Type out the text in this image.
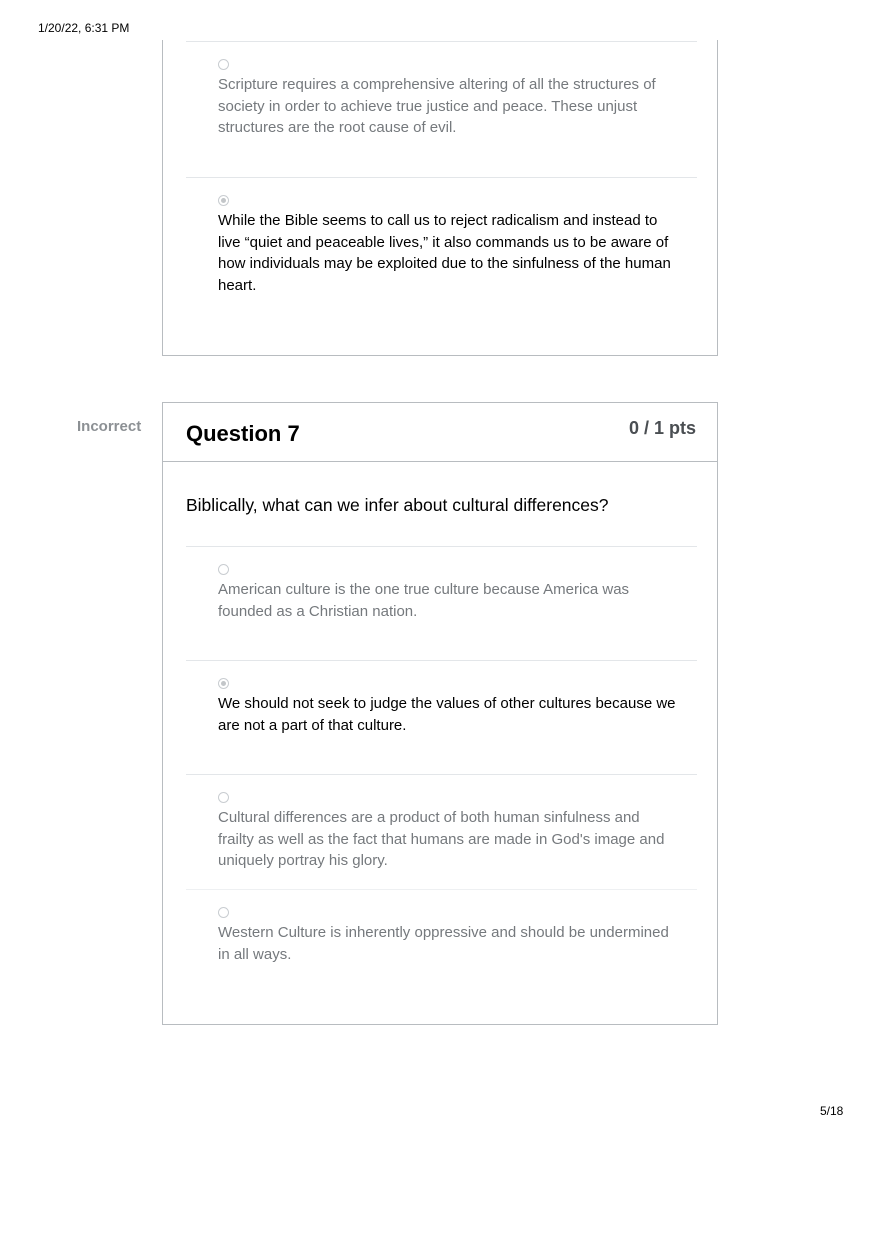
1/20/22, 6:31 PM
Scripture requires a comprehensive altering of all the structures of society in order to achieve true justice and peace. These unjust structures are the root cause of evil.
While the Bible seems to call us to reject radicalism and instead to live “quiet and peaceable lives,” it also commands us to be aware of how individuals may be exploited due to the sinfulness of the human heart.
Incorrect Question 7	0 / 1 pts
Biblically, what can we infer about cultural differences?
American culture is the one true culture because America was founded as a Christian nation.
We should not seek to judge the values of other cultures because we are not a part of that culture.
Cultural differences are a product of both human sinfulness and frailty as well as the fact that humans are made in God's image and uniquely portray his glory.
Western Culture is inherently oppressive and should be undermined in all ways.
5/18
